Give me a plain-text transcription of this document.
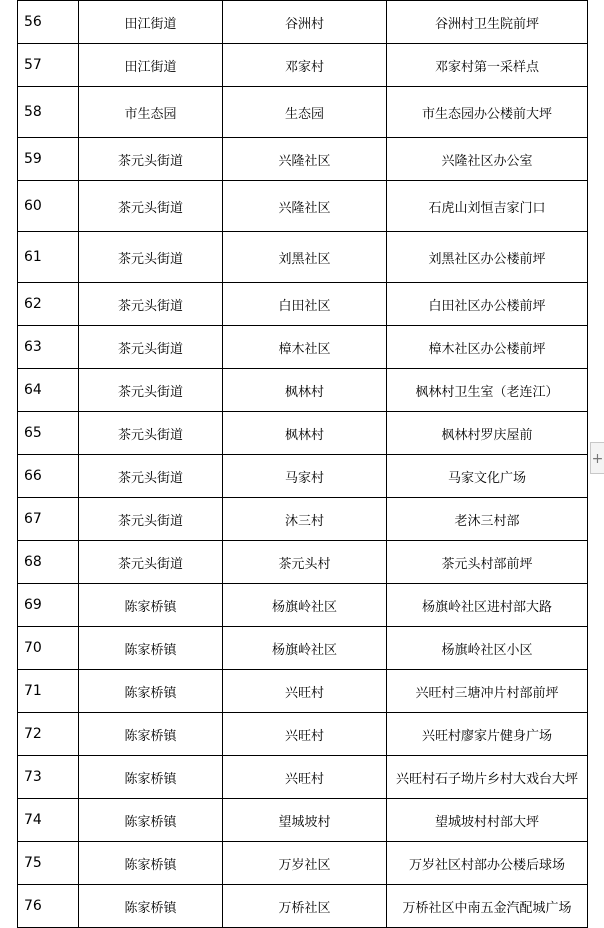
56	田江街道	谷洲村	谷洲村卫生院前坪
57	田江街道	邓家村	邓家村第一采样点
58	市生态园	生态园	市生态园办公楼前大坪
59	茶元头街道	兴隆社区	兴隆社区办公室
60	茶元头街道	兴隆社区	石虎山刘恒吉家门口
61	茶元头街道	刘黑社区	刘黑社区办公楼前坪
62	茶元头街道	白田社区	白田社区办公楼前坪
63	茶元头街道	樟木社区	樟木社区办公楼前坪
64	茶元头街道	枫林村	枫林村卫生室（老连江）
65	茶元头街道	枫林村	枫林村罗庆屋前
66	茶元头街道	马家村	马家文化广场
67	茶元头街道	沐三村	老沐三村部
68	茶元头街道	茶元头村	茶元头村部前坪
69	陈家桥镇	杨旗岭社区	杨旗岭社区进村部大路
70	陈家桥镇	杨旗岭社区	杨旗岭社区小区
71	陈家桥镇	兴旺村	兴旺村三塘冲片村部前坪
72	陈家桥镇	兴旺村	兴旺村廖家片健身广场
73	陈家桥镇	兴旺村	兴旺村石子坳片乡村大戏台大坪
74	陈家桥镇	望城坡村	望城坡村村部大坪
75	陈家桥镇	万岁社区	万岁社区村部办公楼后球场
76	陈家桥镇	万桥社区	万桥社区中南五金汽配城广场
+
